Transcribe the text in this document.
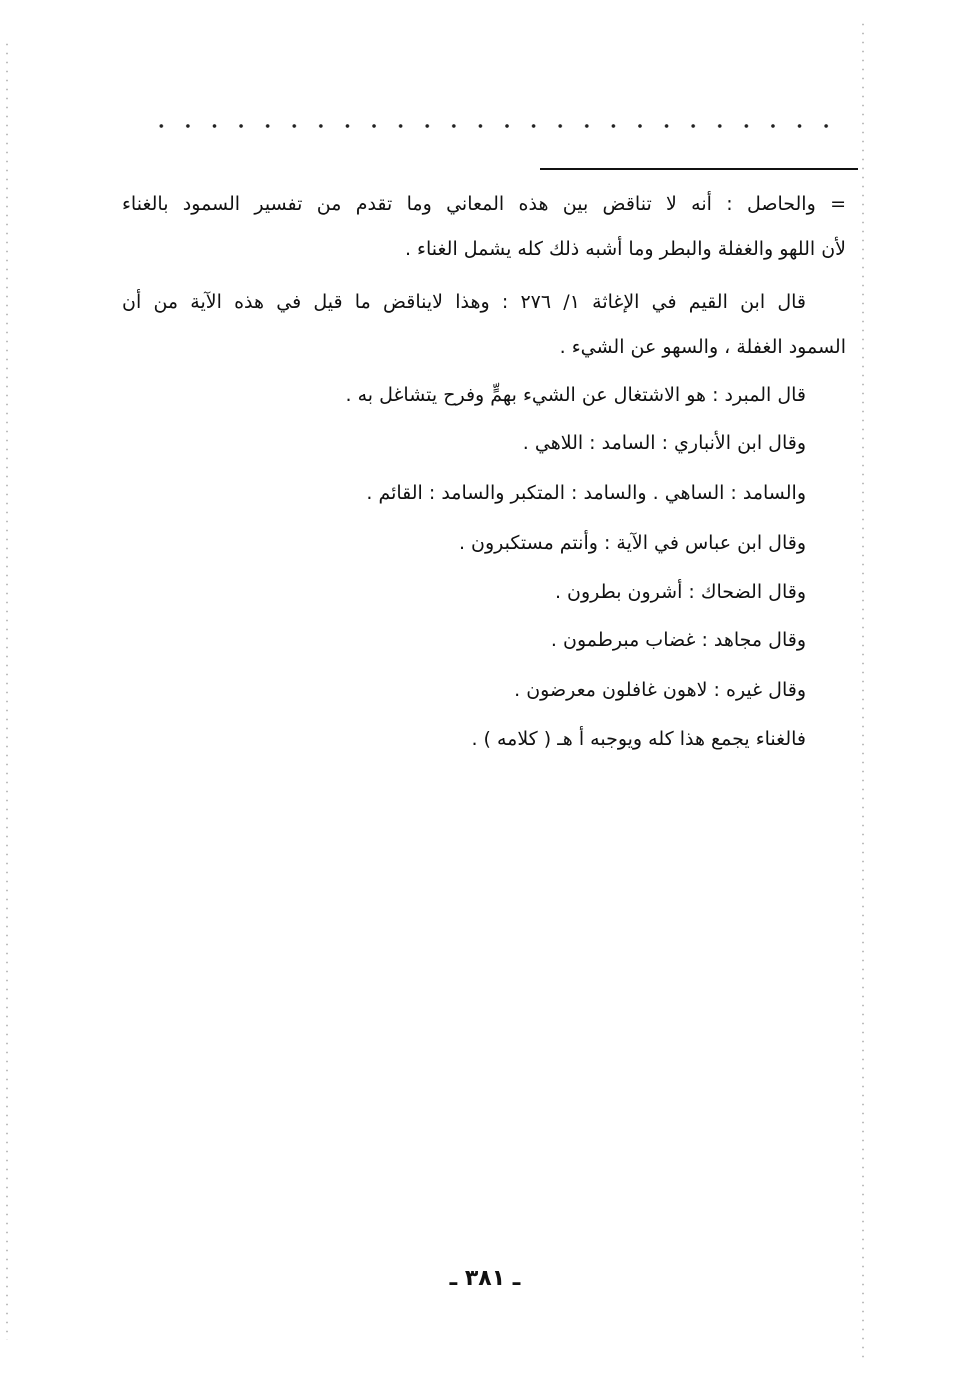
= والحاصل : أنه لا تناقض بين هذه المعاني وما تقدم من تفسير السمود بالغناء
لأن اللهو والغفلة والبطر وما أشبه ذلك كله يشمل الغناء .
قال ابن القيم في الإغاثة ١/ ٢٧٦ : وهذا لايناقض ما قيل في هذه الآية من أن
السمود الغفلة ، والسهو عن الشيء .
قال المبرد : هو الاشتغال عن الشيء بهمٍّ وفرح يتشاغل به .
وقال ابن الأنباري : السامد : اللاهي .
والسامد : الساهي . والسامد : المتكبر والسامد : القائم .
وقال ابن عباس في الآية : وأنتم مستكبرون .
وقال الضحاك : أشرون بطرون .
وقال مجاهد : غضاب مبرطمون .
وقال غيره : لاهون غافلون معرضون .
فالغناء يجمع هذا كله ويوجبه أ هـ ( كلامه ) .
ـ ٣٨١ ـ
